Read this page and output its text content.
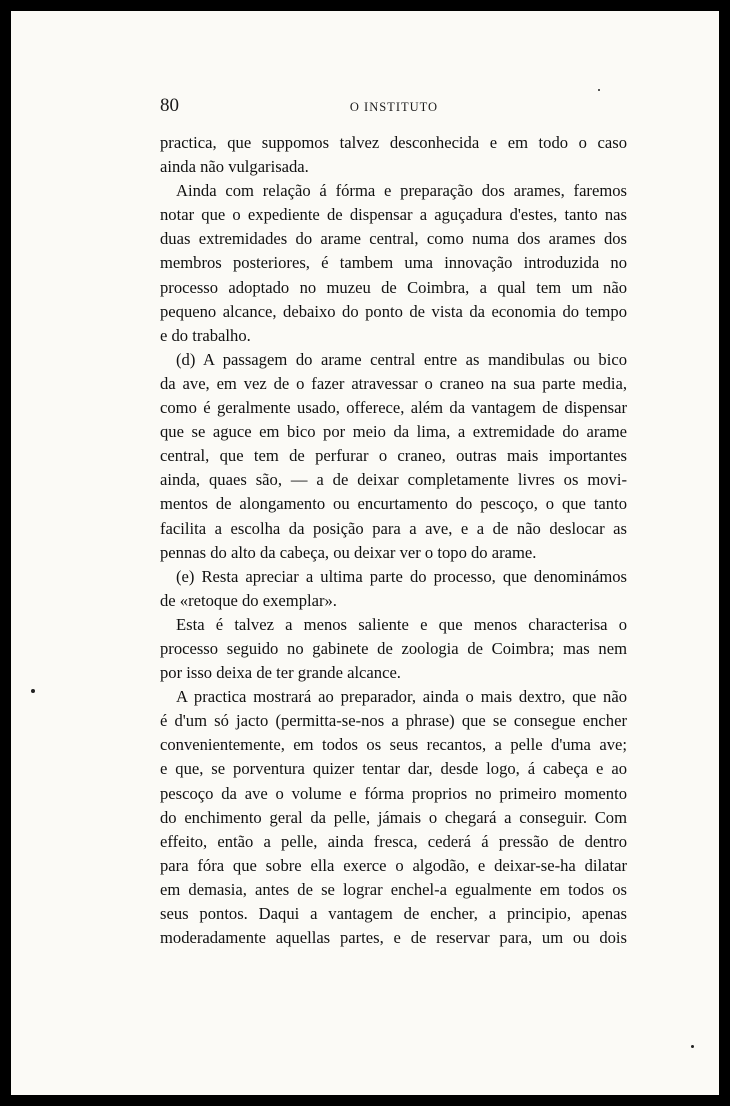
80	O INSTITUTO
practica, que suppomos talvez desconhecida e em todo o caso
ainda não vulgarisada.
Ainda com relação á fórma e preparação dos arames, faremos
notar que o expediente de dispensar a aguçadura d'estes, tanto nas
duas extremidades do arame central, como numa dos arames dos
membros posteriores, é tambem uma innovação introduzida no
processo adoptado no muzeu de Coimbra, a qual tem um não
pequeno alcance, debaixo do ponto de vista da economia do tempo
e do trabalho.
(d) A passagem do arame central entre as mandibulas ou bico
da ave, em vez de o fazer atravessar o craneo na sua parte media,
como é geralmente usado, offerece, além da vantagem de dispensar
que se aguce em bico por meio da lima, a extremidade do arame
central, que tem de perfurar o craneo, outras mais importantes
ainda, quaes são, — a de deixar completamente livres os movi-
mentos de alongamento ou encurtamento do pescoço, o que tanto
facilita a escolha da posição para a ave, e a de não deslocar as
pennas do alto da cabeça, ou deixar ver o topo do arame.
(e) Resta apreciar a ultima parte do processo, que denominámos
de «retoque do exemplar».
Esta é talvez a menos saliente e que menos characterisa o
processo seguido no gabinete de zoologia de Coimbra; mas nem
por isso deixa de ter grande alcance.
A practica mostrará ao preparador, ainda o mais dextro, que não
é d'um só jacto (permitta-se-nos a phrase) que se consegue encher
convenientemente, em todos os seus recantos, a pelle d'uma ave;
e que, se porventura quizer tentar dar, desde logo, á cabeça e ao
pescoço da ave o volume e fórma proprios no primeiro momento
do enchimento geral da pelle, jámais o chegará a conseguir. Com
effeito, então a pelle, ainda fresca, cederá á pressão de dentro
para fóra que sobre ella exerce o algodão, e deixar-se-ha dilatar
em demasia, antes de se lograr enchel-a egualmente em todos os
seus pontos. Daqui a vantagem de encher, a principio, apenas
moderadamente aquellas partes, e de reservar para, um ou dois
